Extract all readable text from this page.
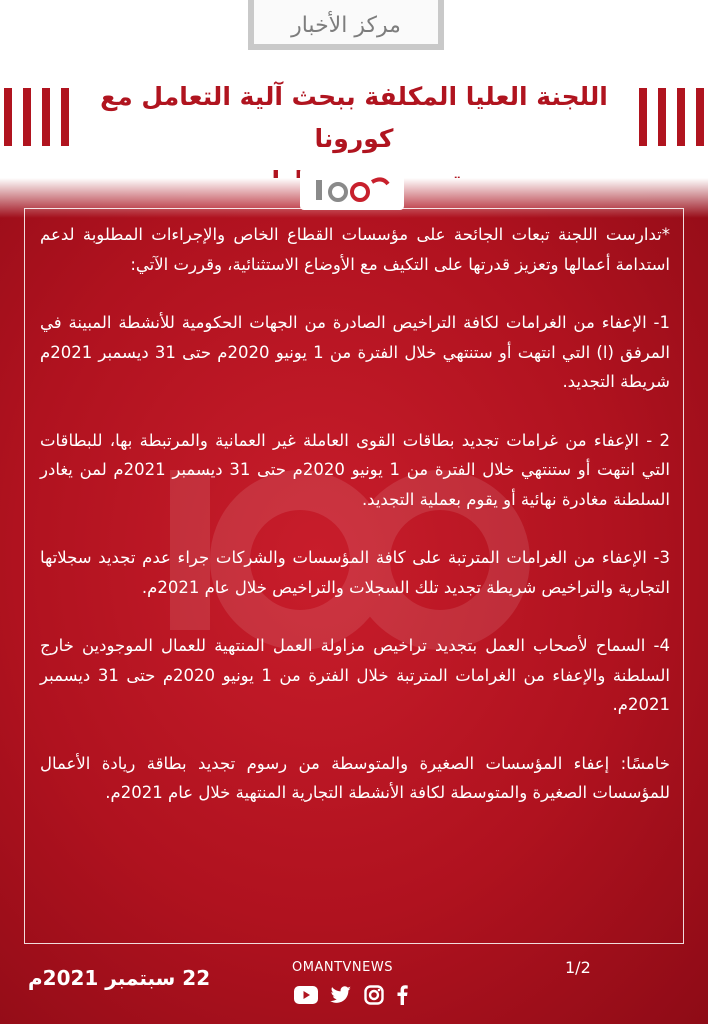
مركز الأخبار
اللجنة العليا المكلفة ببحث آلية التعامل مع كورونا

*تدارست اللجنة تبعات الجائحة على مؤسسات القطاع الخاص والإجراءات المطلوبة لدعم استدامة أعمالها وتعزيز قدرتها على التكيف مع الأوضاع الاستثنائية، وقررت الآتي:

1- الإعفاء من الغرامات لكافة التراخيص الصادرة من الجهات الحكومية للأنشطة المبينة في المرفق (ا) التي انتهت أو ستنتهي خلال الفترة من 1 يونيو 2020م حتى 31 ديسمبر 2021م شريطة التجديد.

2 - الإعفاء من غرامات تجديد بطاقات القوى العاملة غير العمانية والمرتبطة بها، للبطاقات التي انتهت أو ستنتهي خلال الفترة من 1 يونيو 2020م حتى 31 ديسمبر 2021م لمن يغادر السلطنة مغادرة نهائية أو يقوم بعملية التجديد.

3- الإعفاء من الغرامات المترتبة على كافة المؤسسات والشركات جراء عدم تجديد سجلاتها التجارية والتراخيص شريطة تجديد تلك السجلات والتراخيص خلال عام 2021م.

4- السماح لأصحاب العمل بتجديد تراخيص مزاولة العمل المنتهية للعمال الموجودين خارج السلطنة والإعفاء من الغرامات المترتبة خلال الفترة من 1 يونيو 2020م حتى 31 ديسمبر 2021م.

خامسًا: إعفاء المؤسسات الصغيرة والمتوسطة من رسوم تجديد بطاقة ريادة الأعمال للمؤسسات الصغيرة والمتوسطة لكافة الأنشطة التجارية المنتهية خلال عام 2021م.

22 سبتمبر 2021م	OMANTVNEWS	1/2
